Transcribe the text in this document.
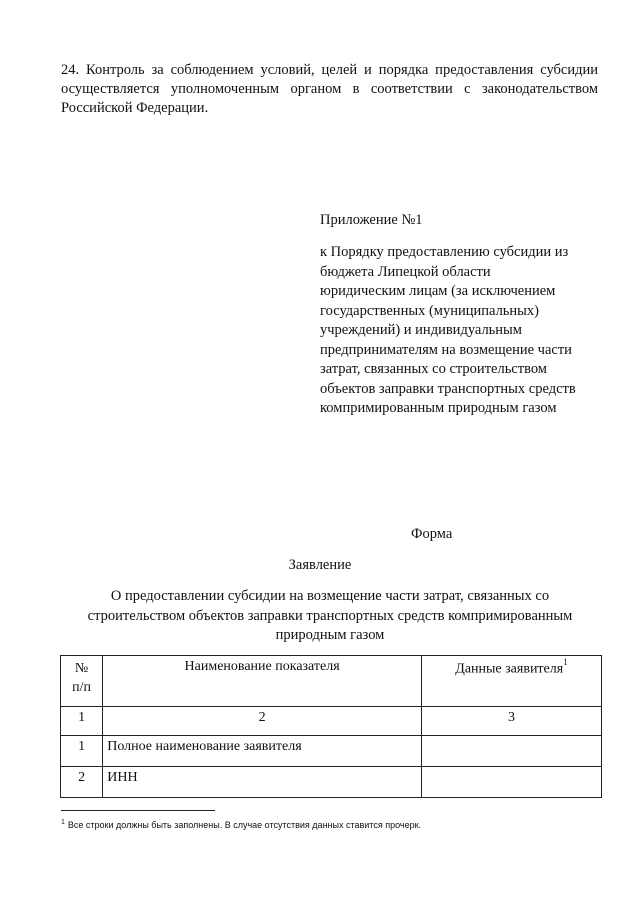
24. Контроль за соблюдением условий, целей и порядка предоставления субсидии осуществляется уполномоченным органом в соответствии с законодательством Российской Федерации.
Приложение №1
к Порядку предоставлению субсидии из
бюджета Липецкой области
юридическим лицам (за исключением
государственных (муниципальных)
учреждений) и индивидуальным
предпринимателям на возмещение части
затрат, связанных со строительством
объектов заправки транспортных средств
компримированным природным газом
Форма
Заявление
О предоставлении субсидии на возмещение части затрат, связанных со
строительством объектов заправки транспортных средств компримированным
природным газом
№ п/п	Наименование показателя	Данные заявителя$^1$
1	2	3
1	Полное наименование заявителя	
2	ИНН	
$^1$ Все строки должны быть заполнены. В случае отсутствия данных ставится прочерк.
